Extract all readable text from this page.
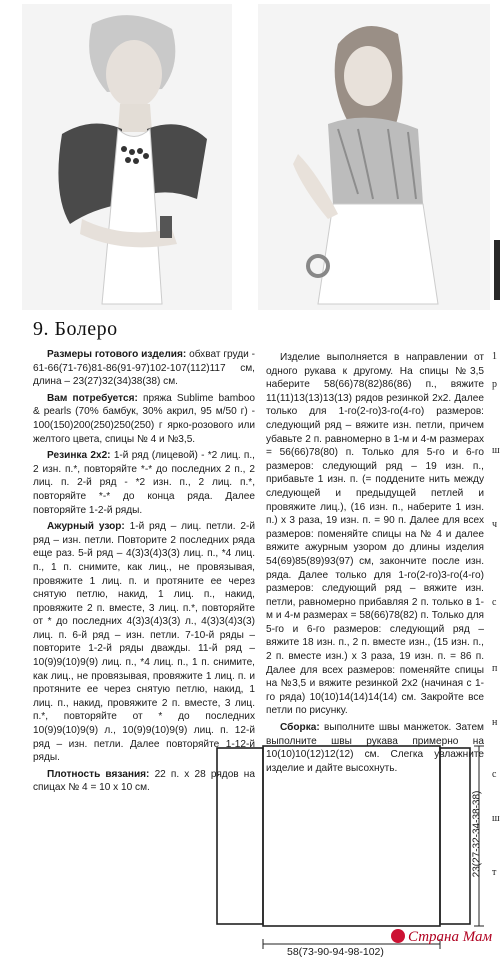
1
р
ш
ч
с
п
н
с
ш
т
9. Болеро

Размеры готового изделия: обхват груди - 61-66(71-76)81-86(91-97)102-107(112)117 см, длина – 23(27)32(34)38(38) см.

Вам потребуется: пряжа Sublime bamboo & pearls (70% бамбук, 30% акрил, 95 м/50 г) - 100(150)200(250)250(250) г ярко-розового или желтого цвета, спицы № 4 и №3,5.

Резинка 2х2: 1-й ряд (лицевой) - *2 лиц. п., 2 изн. п.*, повторяйте *-* до последних 2 п., 2 лиц. п. 2-й ряд - *2 изн. п., 2 лиц. п.*, повторяйте *-* до конца ряда. Далее повторяйте 1-2-й ряды.

Ажурный узор: 1-й ряд – лиц. петли. 2-й ряд – изн. петли. Повторите 2 последних ряда еще раз. 5-й ряд – 4(3)3(4)3(3) лиц. п., *4 лиц. п., 1 п. снимите, как лиц., не провязывая, провяжите 1 лиц. п. и протяните ее через снятую петлю, накид, 1 лиц. п., накид, провяжите 2 п. вместе, 3 лиц. п.*, повторяйте от * до последних 4(3)3(4)3(3) л., 4(3)3(4)3(3) лиц. п. 6-й ряд – изн. петли. 7-10-й ряды – повторите 1-2-й ряды дважды. 11-й ряд – 10(9)9(10)9(9) лиц. п., *4 лиц. п., 1 п. снимите, как лиц., не провязывая, провяжите 1 лиц. п. и протяните ее через снятую петлю, накид, 1 лиц. п., накид, провяжите 2 п. вместе, 3 лиц. п.*, повторяйте от * до последних 10(9)9(10)9(9) л., 10(9)9(10)9(9) лиц. п. 12-й ряд – изн. петли. Далее повторяйте 1-12-й ряды.

Плотность вязания: 22 п. х 28 рядов на спицах № 4 = 10 х 10 см.

Изделие выполняется в направлении от одного рукава к другому. На спицы №3,5 наберите 58(66)78(82)86(86) п., вяжите 11(11)13(13)13(13) рядов резинкой 2х2. Далее только для 1-го(2-го)3-го(4-го) размеров: следующий ряд – вяжите изн. петли, причем убавьте 2 п. равномерно в 1-м и 4-м размерах = 56(66)78(80) п. Только для 5-го и 6-го размеров: следующий ряд – 19 изн. п., прибавьте 1 изн. п. (= поддените нить между следующей и предыдущей петлей и провяжите лиц.), (16 изн. п., наберите 1 изн. п.) х 3 раза, 19 изн. п. = 90 п. Далее для всех размеров: поменяйте спицы на № 4 и далее вяжите ажурным узором до длины изделия 54(69)85(89)93(97) см, закончите после изн. ряда. Далее только для 1-го(2-го)3-го(4-го) размеров: следующий ряд – вяжите изн. петли, равномерно прибавляя 2 п. только в 1-м и 4-м размерах = 58(66)78(82) п. Только для 5-го и 6-го размеров: следующий ряд – вяжите 18 изн. п., 2 п. вместе изн., (15 изн. п., 2 п. вместе изн.) х 3 раза, 19 изн. п. = 86 п. Далее для всех размеров: поменяйте спицы на №3,5 и вяжите резинкой 2х2 (начиная с 1-го ряда) 10(10)14(14)14(14) см. Закройте все петли по рисунку.

Сборка: выполните швы манжеток. Затем выполните швы рукава примерно на 10(10)10(12)12(12) см. Слегка увлажните изделие и дайте высохнуть.

58(73-90-94-98-102)
23(27-32-34-38-38)
Страна Мам
